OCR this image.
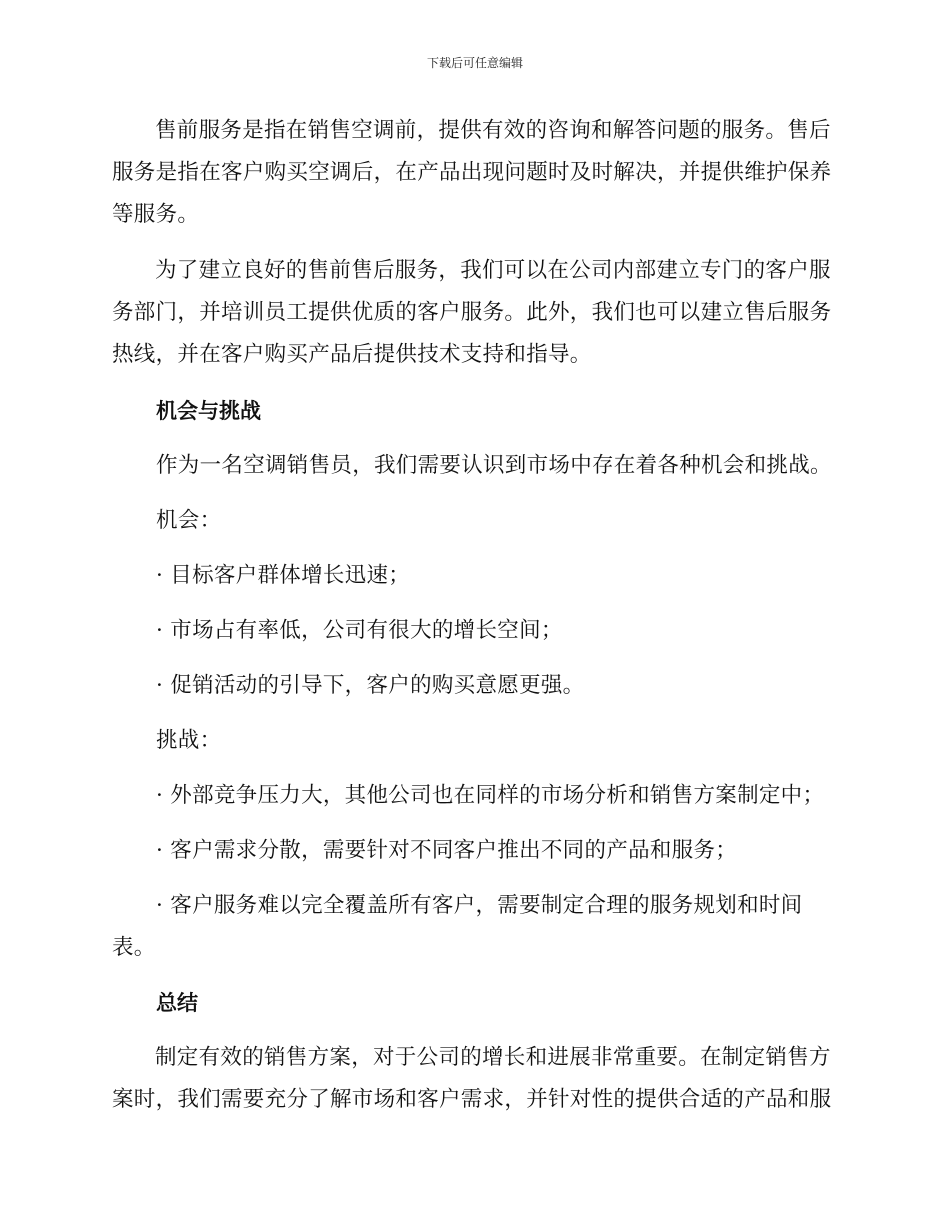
下载后可任意编辑

售前服务是指在销售空调前，提供有效的咨询和解答问题的服务。售后服务是指在客户购买空调后，在产品出现问题时及时解决，并提供维护保养等服务。

为了建立良好的售前售后服务，我们可以在公司内部建立专门的客户服务部门，并培训员工提供优质的客户服务。此外，我们也可以建立售后服务热线，并在客户购买产品后提供技术支持和指导。

机会与挑战
作为一名空调销售员，我们需要认识到市场中存在着各种机会和挑战。
机会：
· 目标客户群体增长迅速；
· 市场占有率低，公司有很大的增长空间；
· 促销活动的引导下，客户的购买意愿更强。
挑战：
· 外部竞争压力大，其他公司也在同样的市场分析和销售方案制定中；
· 客户需求分散，需要针对不同客户推出不同的产品和服务；
· 客户服务难以完全覆盖所有客户，需要制定合理的服务规划和时间表。
总结

制定有效的销售方案，对于公司的增长和进展非常重要。在制定销售方案时，我们需要充分了解市场和客户需求，并针对性的提供合适的产品和服
